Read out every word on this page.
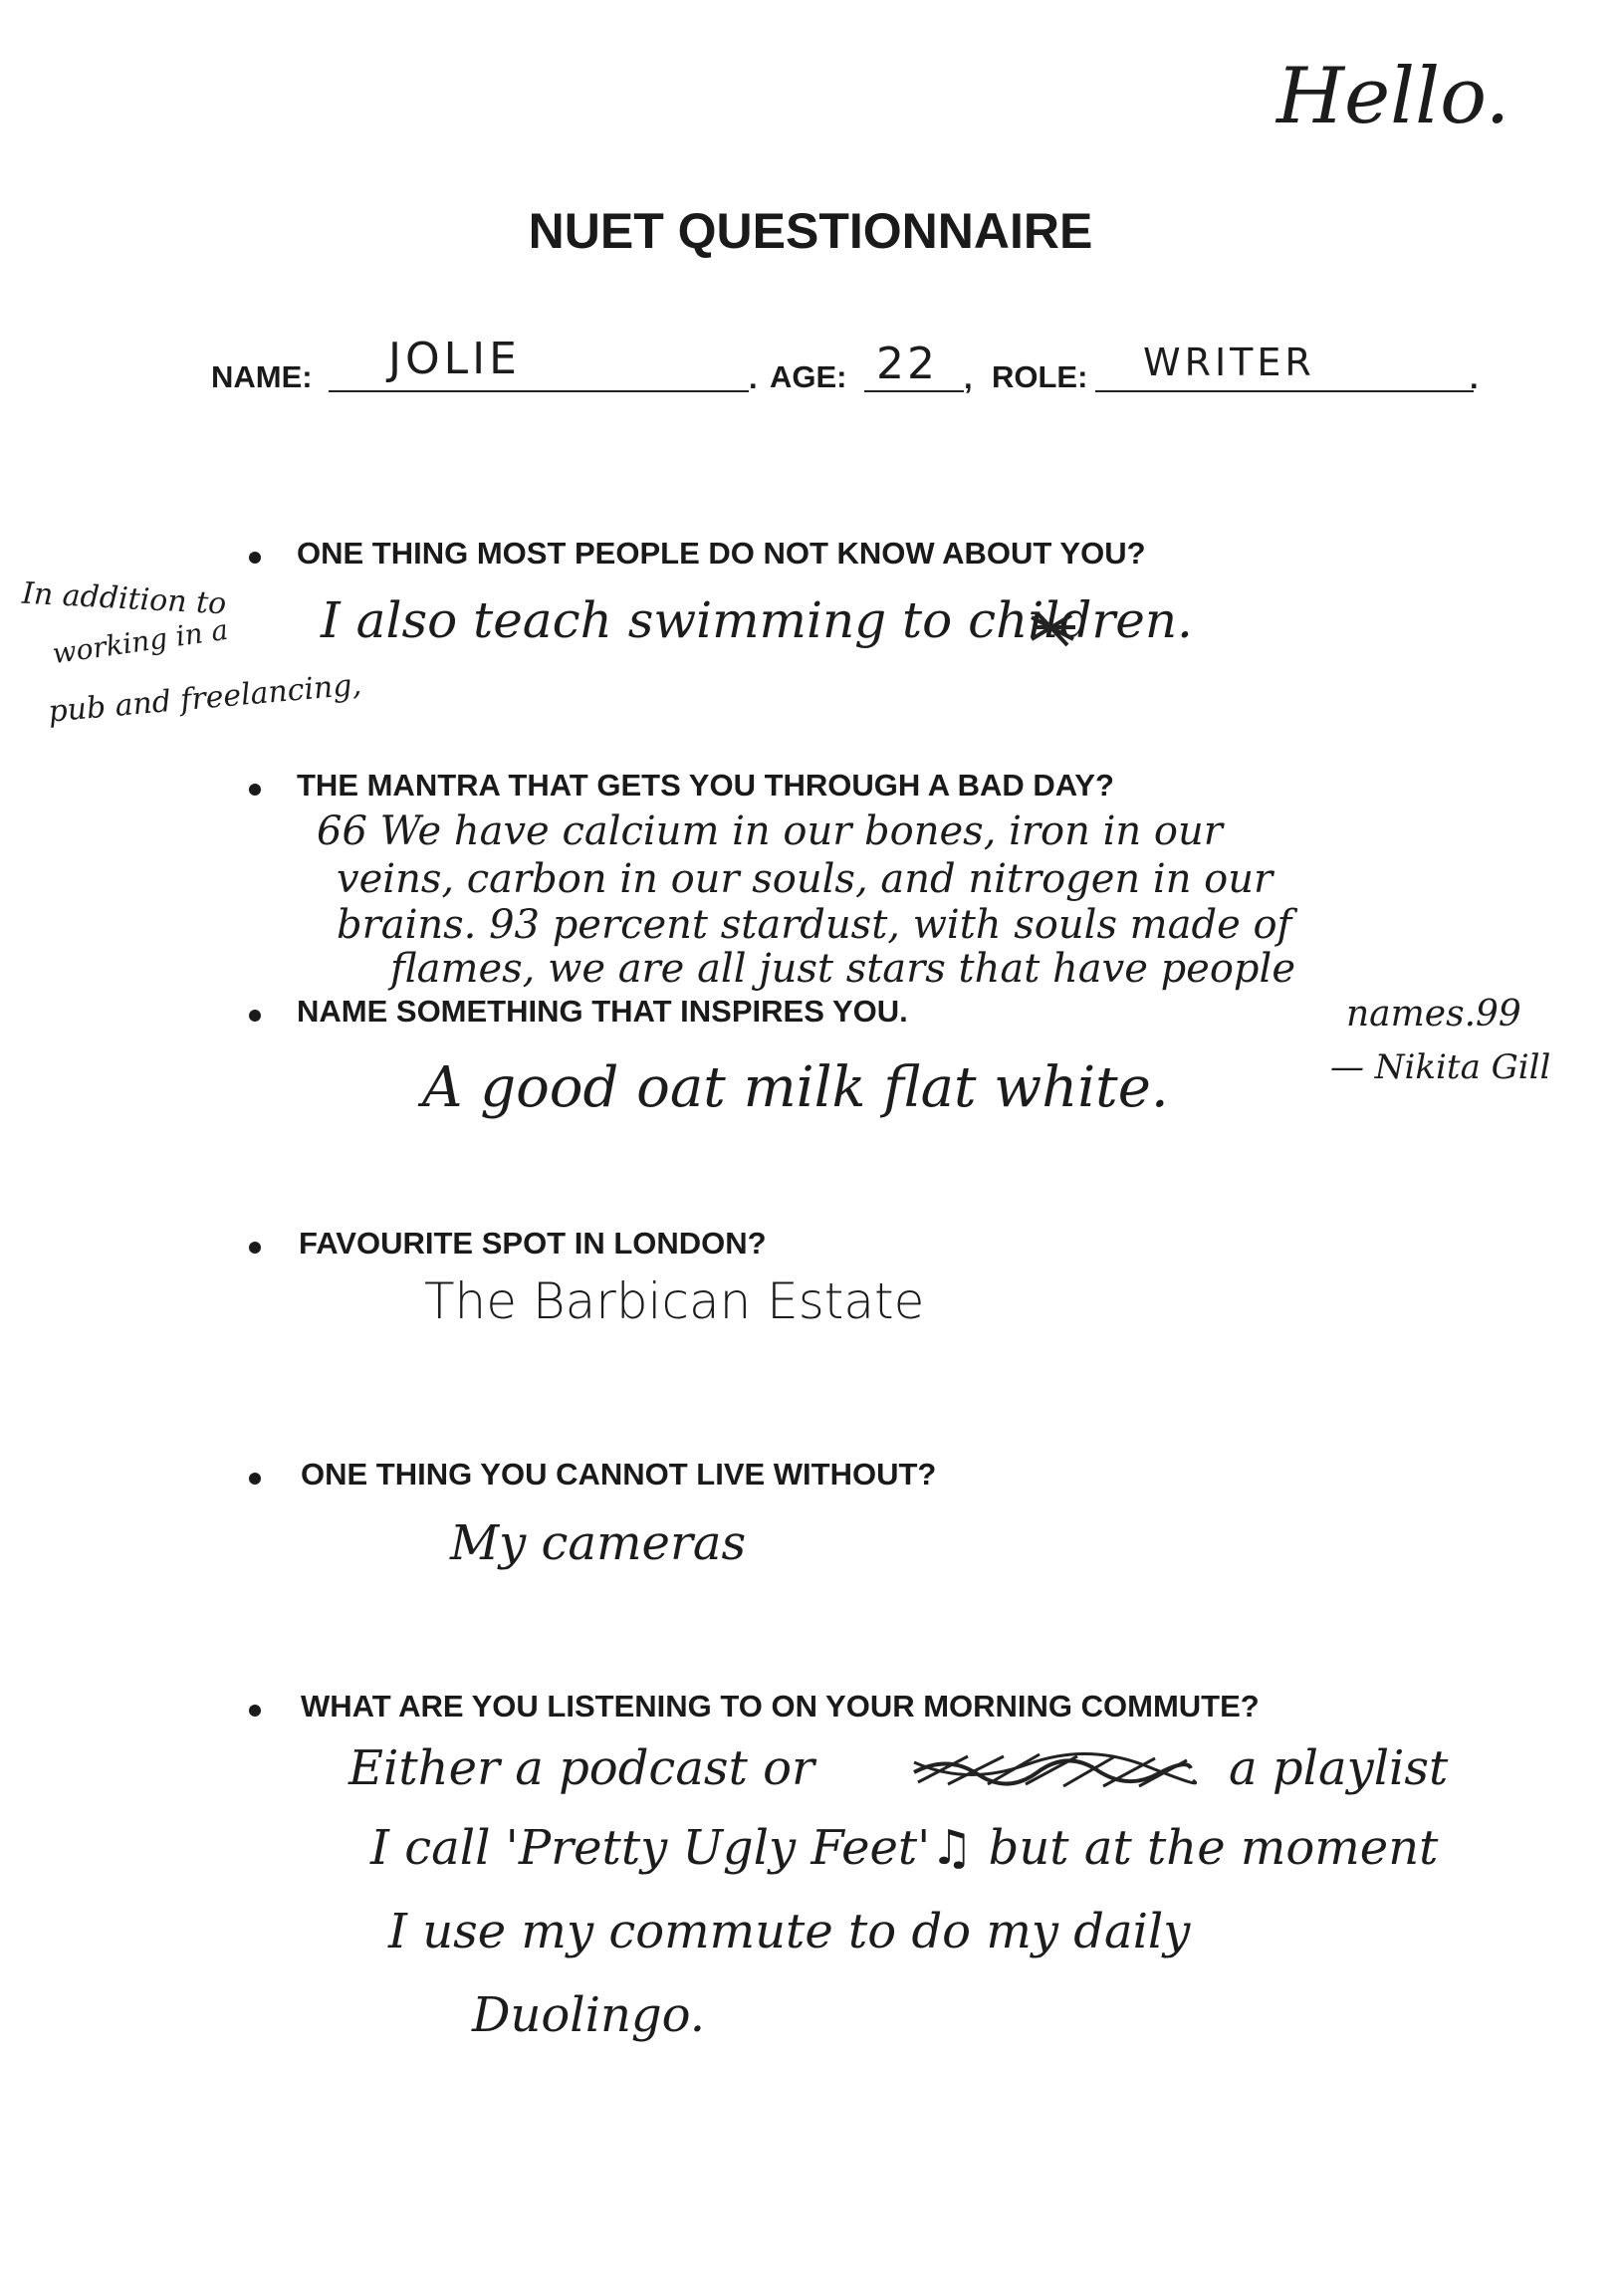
Hello.
NUET QUESTIONNAIRE
NAME: JOLIE	. AGE: 22 , ROLE: WRITER	.
ONE THING MOST PEOPLE DO NOT KNOW ABOUT YOU?
In addition to
working in a
pub and freelancing,
I also teach swimming to children.
THE MANTRA THAT GETS YOU THROUGH A BAD DAY?
66 We have calcium in our bones, iron in our
veins, carbon in our souls, and nitrogen in our
brains. 93 percent stardust, with souls made of
flames, we are all just stars that have people
names.99
— Nikita Gill
NAME SOMETHING THAT INSPIRES YOU.
A good oat milk flat white.
FAVOURITE SPOT IN LONDON?
The Barbican Estate
ONE THING YOU CANNOT LIVE WITHOUT?
My cameras
WHAT ARE YOU LISTENING TO ON YOUR MORNING COMMUTE?
Either a podcast or	a playlist
I call 'Pretty Ugly Feet'♫ but at the moment
I use my commute to do my daily
Duolingo.
